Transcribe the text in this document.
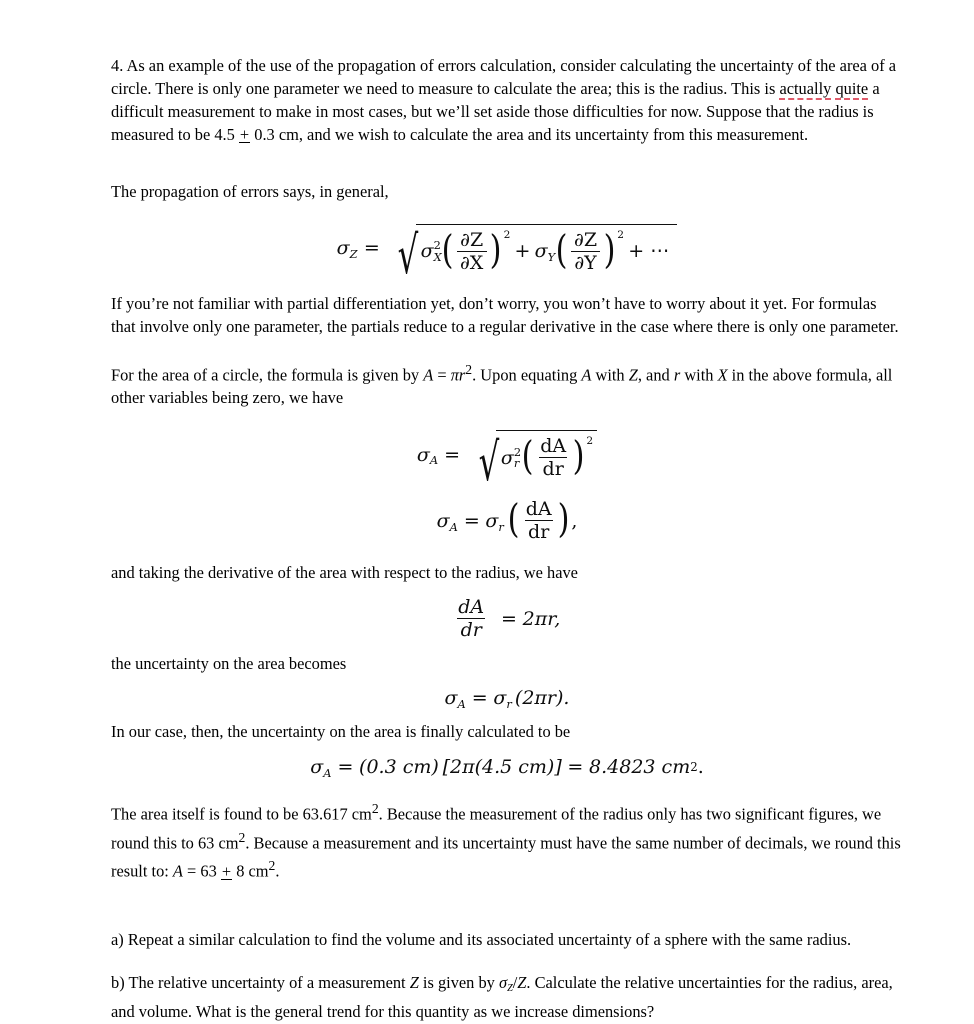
4. As an example of the use of the propagation of errors calculation, consider calculating the uncertainty of the area of a circle. There is only one parameter we need to measure to calculate the area; this is the radius. This is actually quite a difficult measurement to make in most cases, but we’ll set aside those difficulties for now. Suppose that the radius is measured to be 4.5 + 0.3 cm, and we wish to calculate the area and its uncertainty from this measurement.

The propagation of errors says, in general,

σ Z = √ σ X
2 ( $\frac{\partial Z}{\partial X}$ ) 2
+ σ Y ( $\frac{\partial Z}{\partial Y}$ ) 2
+ ⋯

If you’re not familiar with partial differentiation yet, don’t worry, you won’t have to worry about it yet. For formulas that involve only one parameter, the partials reduce to a regular derivative in the case where there is only one parameter.

For the area of a circle, the formula is given by $A = \pi r^2$. Upon equating A with Z, and r with X in the above formula, all other variables being zero, we have

σ A = √ σ r
2 ( $\frac{dA}{dr}$ ) 2
σ A = σ r ( $\frac{dA}{dr}$ ) ,

and taking the derivative of the area with respect to the radius, we have

$\frac{dA}{dr} = 2\pi r$,

the uncertainty on the area becomes

σ A = σ r (2πr).

In our case, then, the uncertainty on the area is finally calculated to be

σ A = (0.3 cm) [2π(4.5 cm)] = 8.4823 cm 2 .

The area itself is found to be 63.617 $cm^2$. Because the measurement of the radius only has two significant figures, we round this to 63 $cm^2$. Because a measurement and its uncertainty must have the same number of decimals, we round this result to: A = 63 + 8 $cm^2$.

a) Repeat a similar calculation to find the volume and its associated uncertainty of a sphere with the same radius.

b) The relative uncertainty of a measurement Z is given by $\sigma_Z/Z$. Calculate the relative uncertainties for the radius, area, and volume. What is the general trend for this quantity as we increase dimensions?
